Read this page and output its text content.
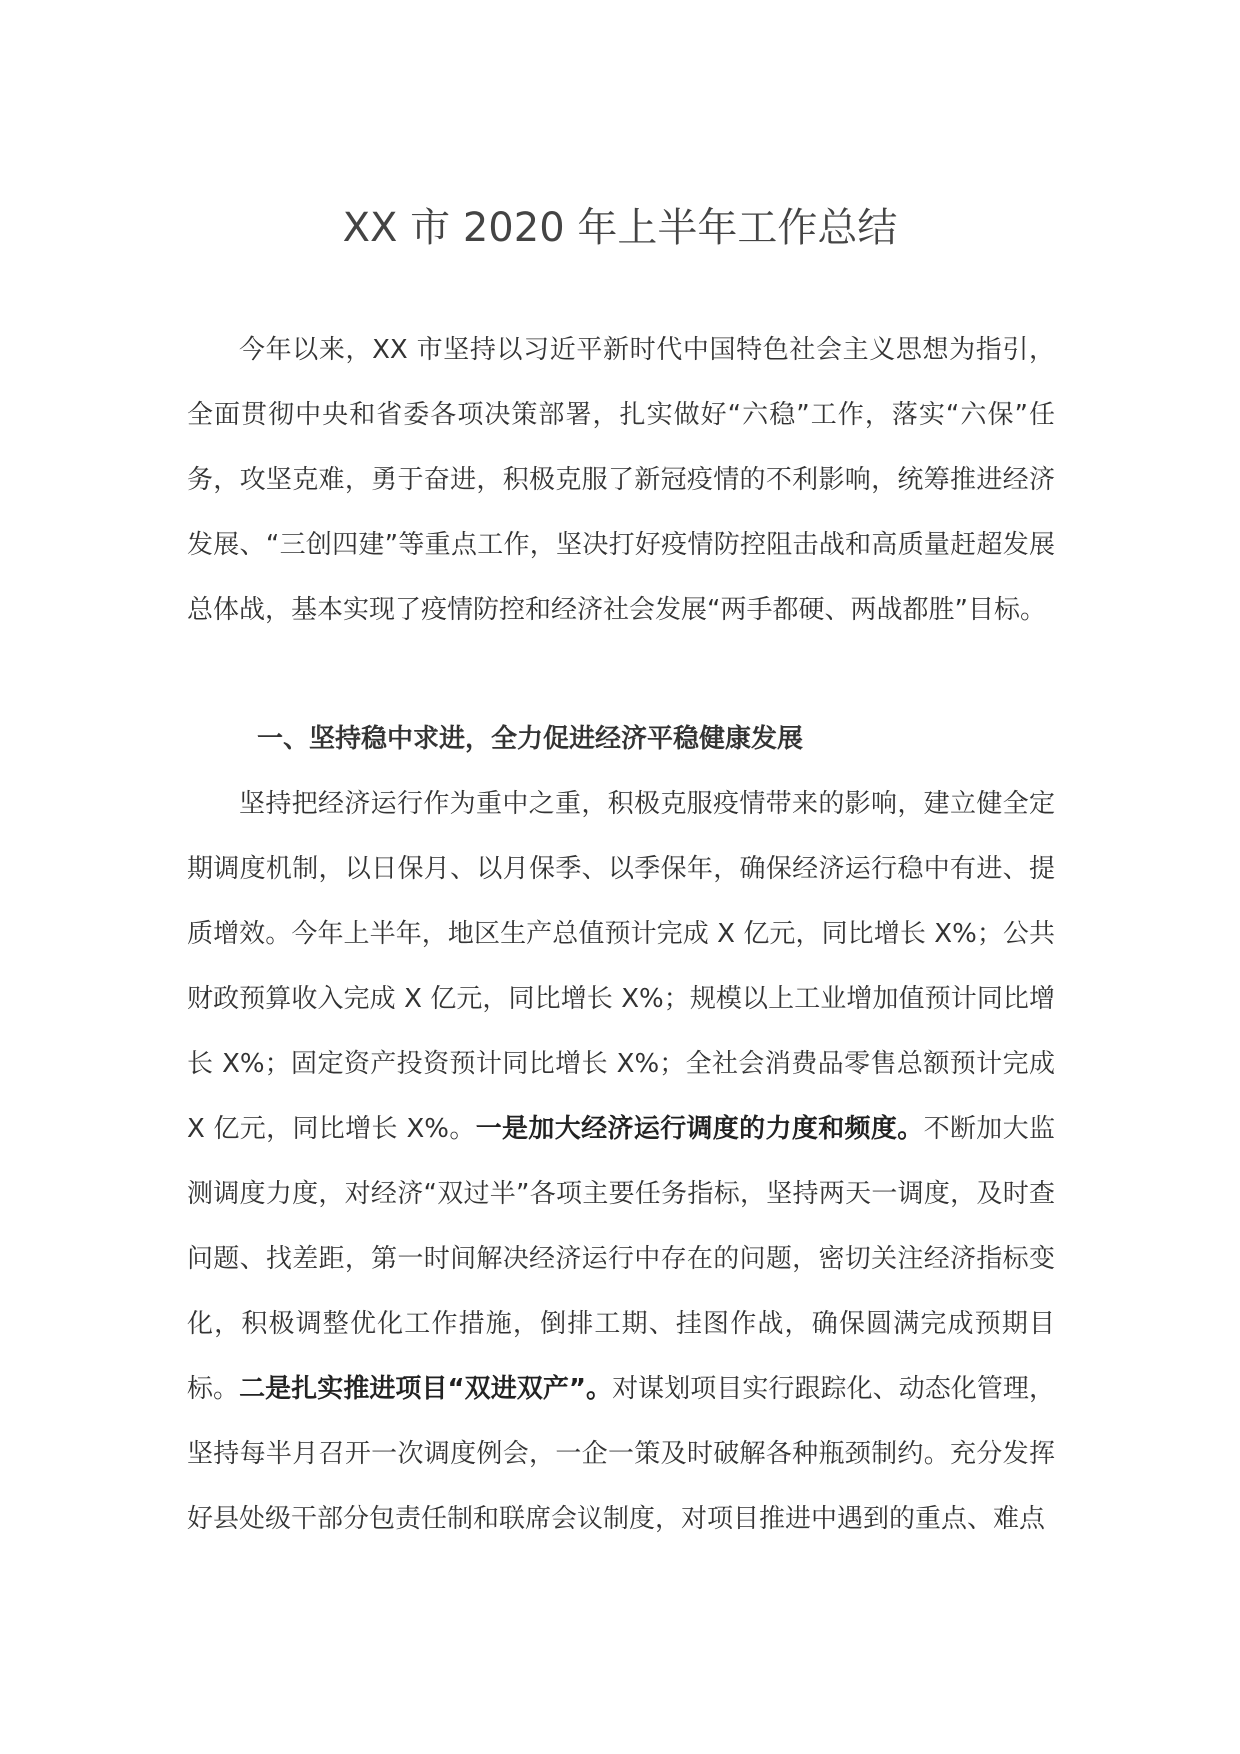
XX 市 2020 年上半年工作总结

今年以来，XX 市坚持以习近平新时代中国特色社会主义思想为指引，全面贯彻中央和省委各项决策部署，扎实做好“六稳”工作，落实“六保”任务，攻坚克难，勇于奋进，积极克服了新冠疫情的不利影响，统筹推进经济发展、“三创四建”等重点工作，坚决打好疫情防控阻击战和高质量赶超发展总体战，基本实现了疫情防控和经济社会发展“两手都硬、两战都胜”目标。

一、坚持稳中求进，全力促进经济平稳健康发展

坚持把经济运行作为重中之重，积极克服疫情带来的影响，建立健全定期调度机制，以日保月、以月保季、以季保年，确保经济运行稳中有进、提质增效。今年上半年，地区生产总值预计完成 X 亿元，同比增长 X%；公共财政预算收入完成 X 亿元，同比增长 X%；规模以上工业增加值预计同比增长 X%；固定资产投资预计同比增长 X%；全社会消费品零售总额预计完成 X 亿元，同比增长 X%。一是加大经济运行调度的力度和频度。不断加大监测调度力度，对经济“双过半”各项主要任务指标，坚持两天一调度，及时查问题、找差距，第一时间解决经济运行中存在的问题，密切关注经济指标变化，积极调整优化工作措施，倒排工期、挂图作战，确保圆满完成预期目标。二是扎实推进项目“双进双产”。对谋划项目实行跟踪化、动态化管理，坚持每半月召开一次调度例会，一企一策及时破解各种瓶颈制约。充分发挥好县处级干部分包责任制和联席会议制度，对项目推进中遇到的重点、难点
